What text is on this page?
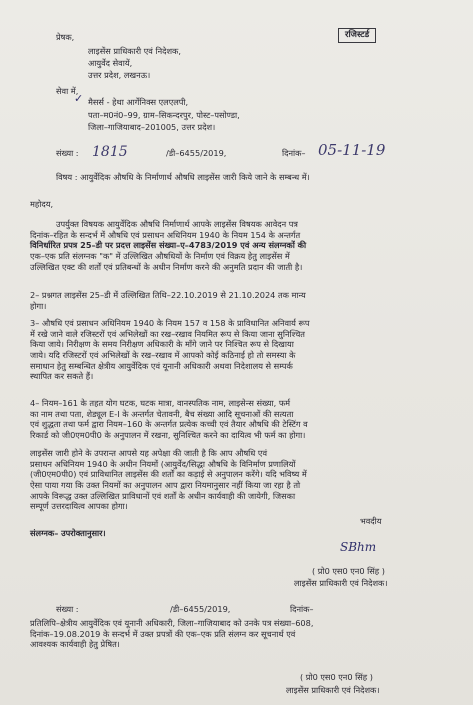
रजिस्टर्ड
प्रेषक,
लाइसेंस प्राधिकारी एवं निदेशक,
आयुर्वेद सेवायें,
उत्तर प्रदेश, लखनऊ।
सेवा में,
✓ मैसर्स - हेथा आर्गेनिक्स एलएलपी,
पता–म0नं0–99, ग्राम–सिकन्दरपुर, पोस्ट–पसोण्डा,
जिला–गाजियाबाद–201005, उत्तर प्रदेश।
संख्या : 1815	/डी–6455/2019,	दिनांक– 05-11-19
विषय : आयुर्वेदिक औषधि के निर्माणार्थ औषधि लाइसेंस जारी किये जाने के सम्बन्ध में।
महोदय,
उपर्युक्त विषयक आयुर्वेदिक औषधि निर्माणार्थ आपके लाइसेंस विषयक आवेदन पत्र
दिनांक–रहित के सन्दर्भ में औषधि एवं प्रसाधन अधिनियम 1940 के नियम 154 के अन्तर्गत
विनिर्धारित प्रपत्र 25–डी पर प्रदत्त लाइसेंस संख्या–ए–4783/2019 एवं अन्य संलग्नकों की
एक–एक प्रति संलग्नक "क" में उल्लिखित औषधियों के निर्माण एवं विक्रय हेतु लाइसेंस में
उल्लिखित एक्ट की शर्तों एवं प्रतिबन्धों के अधीन निर्माण करने की अनुमति प्रदान की जाती है।
2– प्रश्नगत लाइसेंस 25–डी में उल्लिखित तिथि–22.10.2019 से 21.10.2024 तक मान्य
होगा।
3– औषधि एवं प्रसाधन अधिनियम 1940 के नियम 157 व 158 के प्राविधानित अनिवार्य रूप
में रखे जाने वाले रजिस्टरों एवं अभिलेखों का रख–रखाव नियमित रूप से किया जाना सुनिश्चित
किया जाये। निरीक्षण के समय निरीक्षण अधिकारी के माँगे जाने पर निश्चित रूप से दिखाया
जाये। यदि रजिस्टरों एवं अभिलेखों के रख–रखाव में आपको कोई कठिनाई हो तो समस्या के
समाधान हेतु सम्बन्धित क्षेत्रीय आयुर्वेदिक एवं यूनानी अधिकारी अथवा निदेशालय से सम्पर्क
स्थापित कर सकते हैं।
4– नियम–161 के तहत योग घटक, घटक मात्रा, वानस्पतिक नाम, लाइसेन्स संख्या, फर्म
का नाम तथा पता, शेड्यूल E-I के अन्तर्गत चेतावनी, बैच संख्या आदि सूचनाओं की सत्यता
एवं शुद्धता तथा फर्म द्वारा नियम–160 के अन्तर्गत प्रत्येक कच्ची एवं तैयार औषधि की टेस्टिंग व
रिकार्ड को जी0एम0पी0 के अनुपालन में रखना, सुनिश्चित करने का दायित्व भी फर्म का होगा।
लाइसेंस जारी होने के उपरान्त आपसे यह अपेक्षा की जाती है कि आप औषधि एवं
प्रसाधन अधिनियम 1940 के अधीन नियमों (आयुर्वेद/सिद्धा औषधि के विनिर्माण प्रणालियों
(जी0एम0पी0) एवं प्राविधानित लाइसेंस की शर्तों का कड़ाई से अनुपालन करेंगे। यदि भविष्य में
ऐसा पाया गया कि उक्त नियमों का अनुपालन आप द्वारा नियमानुसार नहीं किया जा रहा है तो
आपके विरूद्ध उक्त उल्लिखित प्राविधानों एवं शर्तों के अधीन कार्यवाही की जायेगी, जिसका
सम्पूर्ण उत्तरदायित्व आपका होगा।
संलग्नक– उपरोक्तानुसार।
भवदीय
SBhm
( प्रो0 एस0 एन0 सिंह )
लाइसेंस प्राधिकारी एवं निदेशक।
संख्या :	/डी–6455/2019,	दिनांक–
प्रतिलिपि–क्षेत्रीय आयुर्वेदिक एवं यूनानी अधिकारी, जिला–गाजियाबाद को उनके पत्र संख्या–608,
दिनांक–19.08.2019 के सन्दर्भ में उक्त प्रपत्रों की एक–एक प्रति संलग्न कर सूचनार्थ एवं
आवश्यक कार्यवाही हेतु प्रेषित।
( प्रो0 एस0 एन0 सिंह )
लाइसेंस प्राधिकारी एवं निदेशक।
